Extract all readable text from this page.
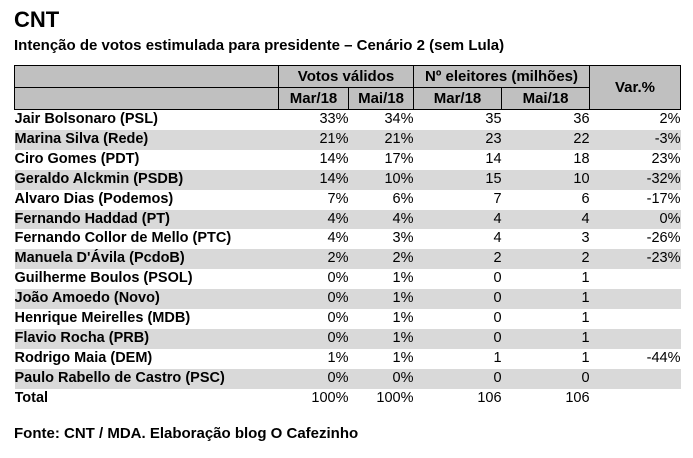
CNT
Intenção de votos estimulada para presidente – Cenário 2 (sem Lula)
	Votos válidos		Nº eleitores (milhões)		Var.%
	Mar/18	Mai/18	Mar/18	Mai/18	
Jair Bolsonaro (PSL)	33%	34%	35	36	2%
Marina Silva (Rede)	21%	21%	23	22	-3%
Ciro Gomes (PDT)	14%	17%	14	18	23%
Geraldo Alckmin (PSDB)	14%	10%	15	10	-32%
Alvaro Dias (Podemos)	7%	6%	7	6	-17%
Fernando Haddad (PT)	4%	4%	4	4	0%
Fernando Collor de Mello (PTC)	4%	3%	4	3	-26%
Manuela D'Ávila (PcdoB)	2%	2%	2	2	-23%
Guilherme Boulos (PSOL)	0%	1%	0	1	
João Amoedo (Novo)	0%	1%	0	1	
Henrique Meirelles (MDB)	0%	1%	0	1	
Flavio Rocha (PRB)	0%	1%	0	1	
Rodrigo Maia (DEM)	1%	1%	1	1	-44%
Paulo Rabello de Castro (PSC)	0%	0%	0	0	
Total	100%	100%	106	106	
Fonte: CNT / MDA. Elaboração blog O Cafezinho
